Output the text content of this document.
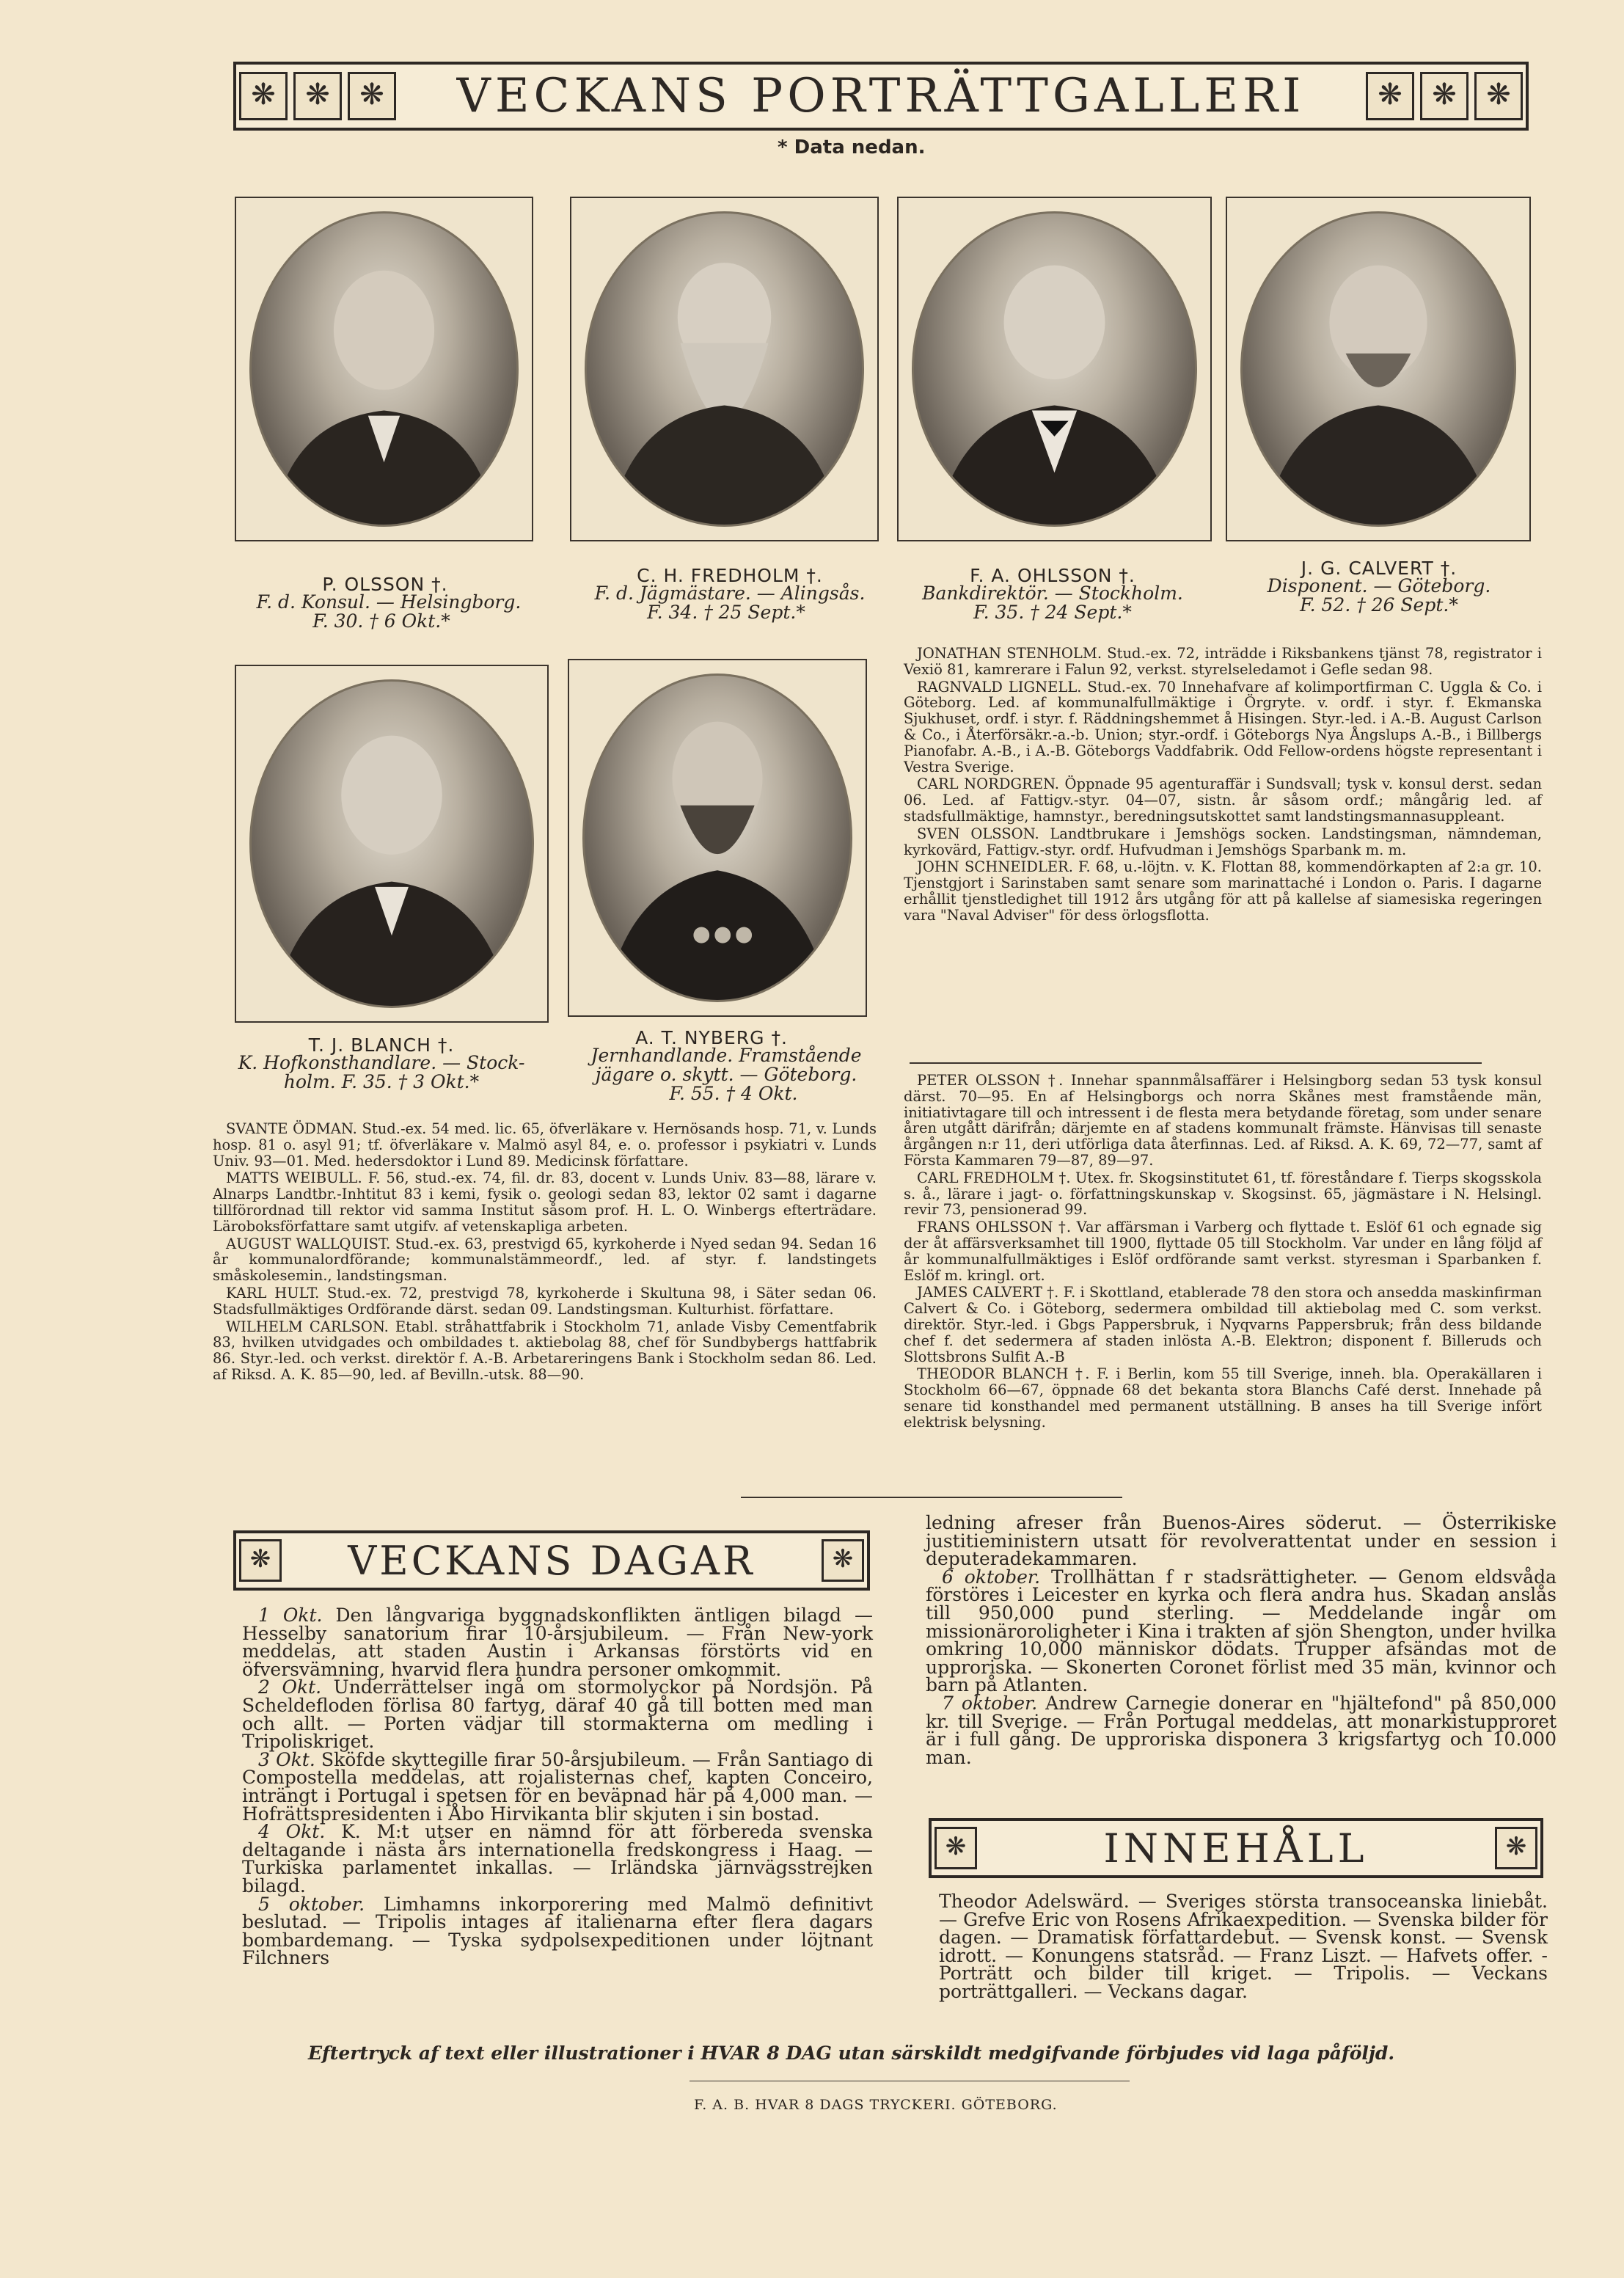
❋	❋	❋	VECKANS PORTRÄTTGALLERI	❋	❋	❋
* Data nedan.
P. OLSSON †.
F. d. Konsul. — Helsingborg.
F. 30. † 6 Okt.*
C. H. FREDHOLM †.
F. d. Jägmästare. — Alingsås.
F. 34. † 25 Sept.*
F. A. OHLSSON †.
Bankdirektör. — Stockholm.
F. 35. † 24 Sept.*
J. G. CALVERT †.
Disponent. — Göteborg.
F. 52. † 26 Sept.*
T. J. BLANCH †.
K. Hofkonsthandlare. — Stock-
holm. F. 35. † 3 Okt.*
A. T. NYBERG †.
Jernhandlande. Framstående
jägare o. skytt. — Göteborg.
F. 55. † 4 Okt.

SVANTE ÖDMAN. Stud.-ex. 54 med. lic. 65, öfverläkare v. Hernösands hosp. 71, v. Lunds hosp. 81 o. asyl 91; tf. öfverläkare v. Malmö asyl 84, e. o. professor i psykiatri v. Lunds Univ. 93—01. Med. hedersdoktor i Lund 89. Medicinsk författare.

MATTS WEIBULL. F. 56, stud.-ex. 74, fil. dr. 83, docent v. Lunds Univ. 83—88, lärare v. Alnarps Landtbr.-Inhtitut 83 i kemi, fysik o. geologi sedan 83, lektor 02 samt i dagarne tillförordnad till rektor vid samma Institut såsom prof. H. L. O. Winbergs efterträdare. Läroboksförfattare samt utgifv. af vetenskapliga arbeten.

AUGUST WALLQUIST. Stud.-ex. 63, prestvigd 65, kyrkoherde i Nyed sedan 94. Sedan 16 år kommunalordförande; kommunalstämmeordf., led. af styr. f. landstingets småskolesemin., landstingsman.

KARL HULT. Stud.-ex. 72, prestvigd 78, kyrkoherde i Skultuna 98, i Säter sedan 06. Stadsfullmäktiges Ordförande därst. sedan 09. Landstingsman. Kulturhist. författare.

WILHELM CARLSON. Etabl. stråhattfabrik i Stockholm 71, anlade Visby Cementfabrik 83, hvilken utvidgades och ombildades t. aktiebolag 88, chef för Sundbybergs hattfabrik 86. Styr.-led. och verkst. direktör f. A.-B. Arbetareringens Bank i Stockholm sedan 86. Led. af Riksd. A. K. 85—90, led. af Bevilln.-utsk. 88—90.

JONATHAN STENHOLM. Stud.-ex. 72, inträdde i Riksbankens tjänst 78, registrator i Vexiö 81, kamrerare i Falun 92, verkst. styrelseledamot i Gefle sedan 98.

RAGNVALD LIGNELL. Stud.-ex. 70 Innehafvare af kolimportfirman C. Uggla & Co. i Göteborg. Led. af kommunalfullmäktige i Örgryte. v. ordf. i styr. f. Ekmanska Sjukhuset, ordf. i styr. f. Räddningshemmet å Hisingen. Styr.-led. i A.-B. August Carlson & Co., i Återförsäkr.-a.-b. Union; styr.-ordf. i Göteborgs Nya Ångslups A.-B., i Billbergs Pianofabr. A.-B., i A.-B. Göteborgs Vaddfabrik. Odd Fellow-ordens högste representant i Vestra Sverige.

CARL NORDGREN. Öppnade 95 agenturaffär i Sundsvall; tysk v. konsul derst. sedan 06. Led. af Fattigv.-styr. 04—07, sistn. år såsom ordf.; mångårig led. af stadsfullmäktige, hamnstyr., beredningsutskottet samt landstingsmannasuppleant.

SVEN OLSSON. Landtbrukare i Jemshögs socken. Landstingsman, nämndeman, kyrkovärd, Fattigv.-styr. ordf. Hufvudman i Jemshögs Sparbank m. m.

JOHN SCHNEIDLER. F. 68, u.-löjtn. v. K. Flottan 88, kommendörkapten af 2:a gr. 10. Tjenstgjort i Sarinstaben samt senare som marinattaché i London o. Paris. I dagarne erhållit tjenstledighet till 1912 års utgång för att på kallelse af siamesiska regeringen vara "Naval Adviser" för dess örlogsflotta.

PETER OLSSON †. Innehar spannmålsaffärer i Helsingborg sedan 53 tysk konsul därst. 70—95. En af Helsingborgs och norra Skånes mest framstående män, initiativtagare till och intressent i de flesta mera betydande företag, som under senare åren utgått därifrån; därjemte en af stadens kommunalt främste. Hänvisas till senaste årgången n:r 11, deri utförliga data återfinnas. Led. af Riksd. A. K. 69, 72—77, samt af Första Kammaren 79—87, 89—97.

CARL FREDHOLM †. Utex. fr. Skogsinstitutet 61, tf. föreståndare f. Tierps skogsskola s. å., lärare i jagt- o. författningskunskap v. Skogsinst. 65, jägmästare i N. Helsingl. revir 73, pensionerad 99.

FRANS OHLSSON †. Var affärsman i Varberg och flyttade t. Eslöf 61 och egnade sig der åt affärsverksamhet till 1900, flyttade 05 till Stockholm. Var under en lång följd af år kommunalfullmäktiges i Eslöf ordförande samt verkst. styresman i Sparbanken f. Eslöf m. kringl. ort.

JAMES CALVERT †. F. i Skottland, etablerade 78 den stora och ansedda maskinfirman Calvert & Co. i Göteborg, sedermera ombildad till aktiebolag med C. som verkst. direktör. Styr.-led. i Gbgs Pappersbruk, i Nyqvarns Pappersbruk; från dess bildande chef f. det sedermera af staden inlösta A.-B. Elektron; disponent f. Billeruds och Slottsbrons Sulfit A.-B

THEODOR BLANCH †. F. i Berlin, kom 55 till Sverige, inneh. bla. Operakällaren i Stockholm 66—67, öppnade 68 det bekanta stora Blanchs Café derst. Innehade på senare tid konsthandel med permanent utställning. B anses ha till Sverige infört elektrisk belysning.

❋	VECKANS DAGAR	❋

1 Okt. Den långvariga byggnadskonflikten äntligen bilagd — Hesselby sanatorium firar 10-årsjubileum. — Från New-york meddelas, att staden Austin i Arkansas förstörts vid en öfversvämning, hvarvid flera hundra personer omkommit.

2 Okt. Underrättelser ingå om stormolyckor på Nordsjön. På Scheldefloden förlisa 80 fartyg, däraf 40 gå till botten med man och allt. — Porten vädjar till stormakterna om medling i Tripoliskriget.

3 Okt. Sköfde skyttegille firar 50-årsjubileum. — Från Santiago di Compostella meddelas, att rojalisternas chef, kapten Conceiro, inträngt i Portugal i spetsen för en beväpnad här på 4,000 man. — Hofrättspresidenten i Åbo Hirvikanta blir skjuten i sin bostad.

4 Okt. K. M:t utser en nämnd för att förbereda svenska deltagande i nästa års internationella fredskongress i Haag. — Turkiska parlamentet inkallas. — Irländska järnvägsstrejken bilagd.

5 oktober. Limhamns inkorporering med Malmö definitivt beslutad. — Tripolis intages af italienarna efter flera dagars bombardemang. — Tyska sydpolsexpeditionen under löjtnant Filchners

ledning afreser från Buenos-Aires söderut. — Österrikiske justitieministern utsatt för revolverattentat under en session i deputeradekammaren.

6 oktober. Trollhättan f r stadsrättigheter. — Genom eldsvåda förstöres i Leicester en kyrka och flera andra hus. Skadan anslås till 950,000 pund sterling. — Meddelande ingår om missionäroroligheter i Kina i trakten af sjön Shengton, under hvilka omkring 10,000 människor dödats. Trupper afsändas mot de upproriska. — Skonerten Coronet förlist med 35 män, kvinnor och barn på Atlanten.

7 oktober. Andrew Carnegie donerar en "hjältefond" på 850,000 kr. till Sverige. — Från Portugal meddelas, att monarkistupproret är i full gång. De upproriska disponera 3 krigsfartyg och 10.000 man.

❋	INNEHÅLL	❋

Theodor Adelswärd. — Sveriges största transoceanska liniebåt. — Grefve Eric von Rosens Afrikaexpedition. — Svenska bilder för dagen. — Dramatisk författardebut. — Svensk konst. — Svensk idrott. — Konungens statsråd. — Franz Liszt. — Hafvets offer. - Porträtt och bilder till kriget. — Tripolis. — Veckans porträttgalleri. — Veckans dagar.

Eftertryck af text eller illustrationer i HVAR 8 DAG utan särskildt medgifvande förbjudes vid laga påföljd.
F. A. B. HVAR 8 DAGS TRYCKERI. GÖTEBORG.
